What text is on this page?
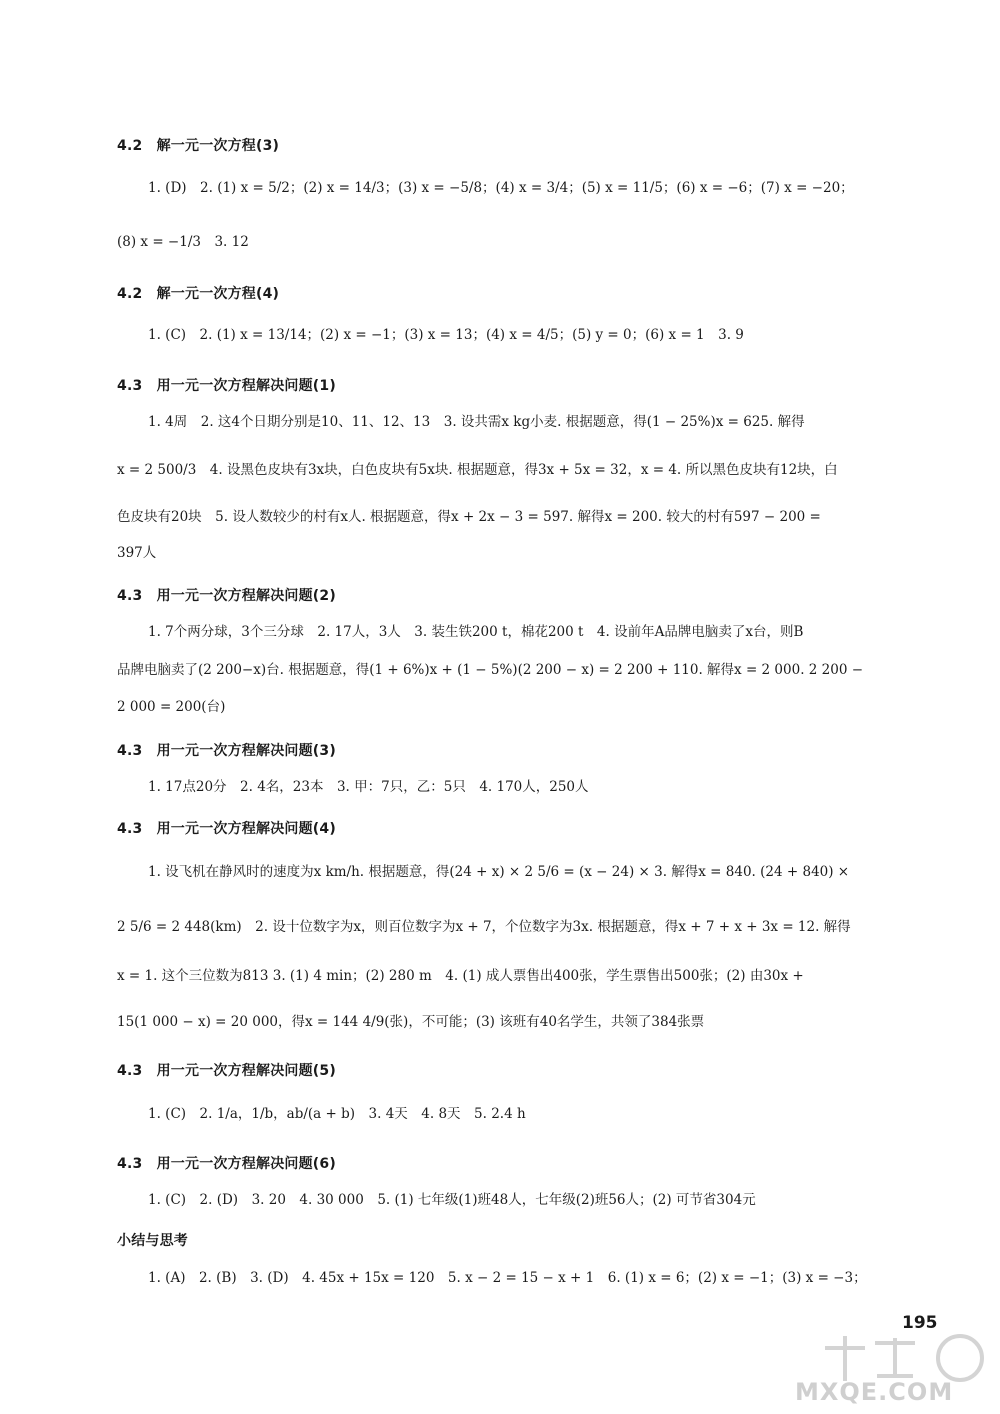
4.2　解一元一次方程(3)
1. (D)　2. (1) x = 5/2；(2) x = 14/3；(3) x = −5/8；(4) x = 3/4；(5) x = 11/5；(6) x = −6；(7) x = −20；
(8) x = −1/3　3. 12
4.2　解一元一次方程(4)
1. (C)　2. (1) x = 13/14；(2) x = −1；(3) x = 13；(4) x = 4/5；(5) y = 0；(6) x = 1　3. 9
4.3　用一元一次方程解决问题(1)
1. 4周　2. 这4个日期分别是10、11、12、13　3. 设共需x kg小麦. 根据题意，得(1 − 25%)x = 625. 解得
x = 2 500/3　4. 设黑色皮块有3x块，白色皮块有5x块. 根据题意，得3x + 5x = 32，x = 4. 所以黑色皮块有12块，白
色皮块有20块　5. 设人数较少的村有x人. 根据题意，得x + 2x − 3 = 597. 解得x = 200. 较大的村有597 − 200 =
397人
4.3　用一元一次方程解决问题(2)
1. 7个两分球，3个三分球　2. 17人，3人　3. 装生铁200 t，棉花200 t　4. 设前年A品牌电脑卖了x台，则B
品牌电脑卖了(2 200−x)台. 根据题意，得(1 + 6%)x + (1 − 5%)(2 200 − x) = 2 200 + 110. 解得x = 2 000. 2 200 −
2 000 = 200(台)
4.3　用一元一次方程解决问题(3)
1. 17点20分　2. 4名，23本　3. 甲：7只，乙：5只　4. 170人，250人
4.3　用一元一次方程解决问题(4)
1. 设飞机在静风时的速度为x km/h. 根据题意，得(24 + x) × 2 5/6 = (x − 24) × 3. 解得x = 840. (24 + 840) ×
2 5/6 = 2 448(km)　2. 设十位数字为x，则百位数字为x + 7，个位数字为3x. 根据题意，得x + 7 + x + 3x = 12. 解得
x = 1. 这个三位数为813 3. (1) 4 min；(2) 280 m　4. (1) 成人票售出400张，学生票售出500张；(2) 由30x +
15(1 000 − x) = 20 000，得x = 144 4/9(张)，不可能；(3) 该班有40名学生，共领了384张票
4.3　用一元一次方程解决问题(5)
1. (C)　2. 1/a，1/b，ab/(a + b)　3. 4天　4. 8天　5. 2.4 h
4.3　用一元一次方程解决问题(6)
1. (C)　2. (D)　3. 20　4. 30 000　5. (1) 七年级(1)班48人，七年级(2)班56人；(2) 可节省304元
小结与思考
1. (A)　2. (B)　3. (D)　4. 45x + 15x = 120　5. x − 2 = 15 − x + 1　6. (1) x = 6；(2) x = −1；(3) x = −3；
195
MXQE.COM
